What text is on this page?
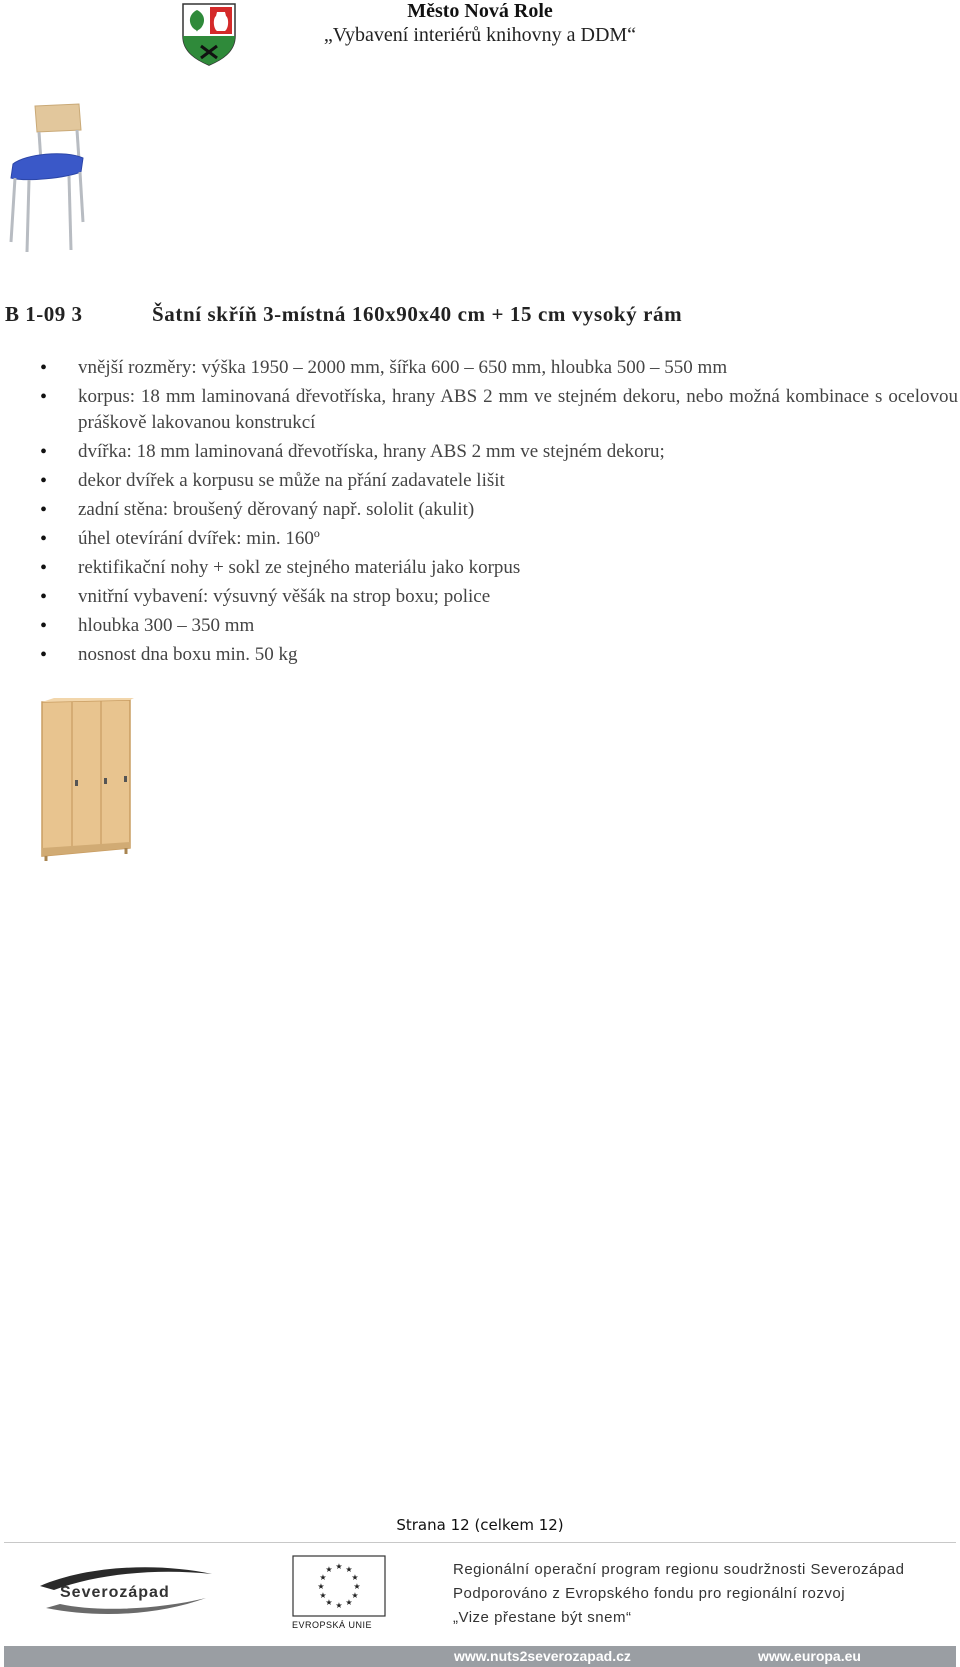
Město Nová Role
„Vybavení interiérů knihovny a DDM“
B 1-09 3	Šatní skříň 3-místná 160x90x40 cm + 15 cm vysoký rám
• vnější rozměry: výška 1950 – 2000 mm, šířka 600 – 650 mm, hloubka 500 – 550 mm
• korpus: 18 mm laminovaná dřevotříska, hrany ABS 2 mm ve stejném dekoru, nebo možná kombinace s ocelovou práškově lakovanou konstrukcí
• dvířka: 18 mm laminovaná dřevotříska, hrany ABS 2 mm ve stejném dekoru;
• dekor dvířek a korpusu se může na přání zadavatele lišit
• zadní stěna: broušený děrovaný např. sololit (akulit)
• úhel otevírání dvířek: min. 160º
• rektifikační nohy + sokl ze stejného materiálu jako korpus
• vnitřní vybavení: výsuvný věšák na strop boxu; police
• hloubka 300 – 350 mm
• nosnost dna boxu min. 50 kg
Strana 12 (celkem 12)
Severozápad
★ ★
★
★
★
★
★
★
★
★
★
★
EVROPSKÁ UNIE
Regionální operační program regionu soudržnosti Severozápad
Podporováno z Evropského fondu pro regionální rozvoj
„Vize přestane být snem“
www.nuts2severozapad.cz	www.europa.eu
